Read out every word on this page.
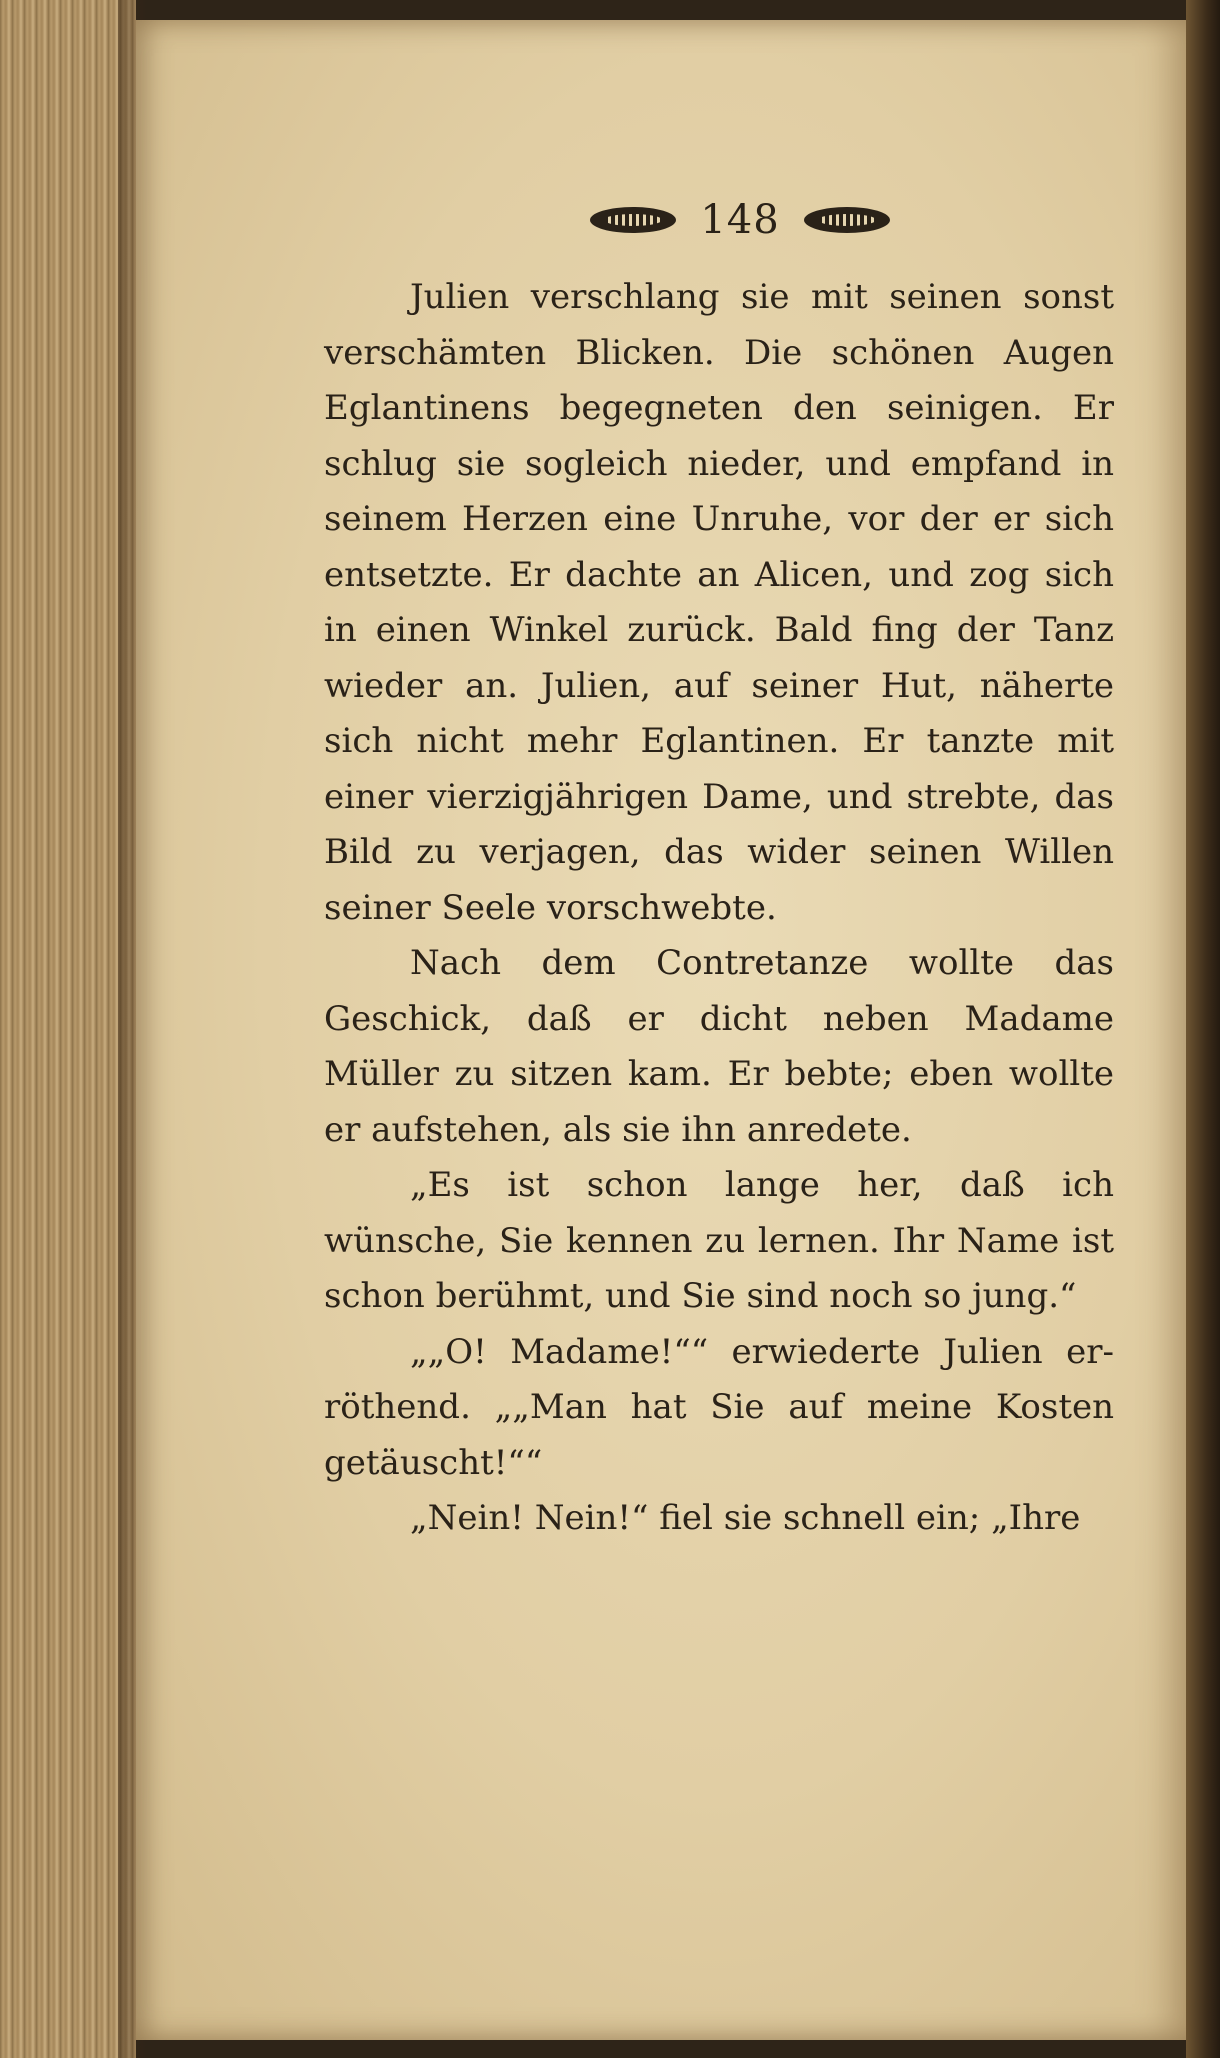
148

Julien verschlang sie mit seinen sonst verschämten Blicken. Die schönen Augen Eglantinens begegneten den seinigen. Er schlug sie sogleich nieder, und empfand in seinem Herzen eine Unruhe, vor der er sich entsetzte. Er dachte an Alicen, und zog sich in einen Winkel zurück. Bald fing der Tanz wieder an. Julien, auf seiner Hut, näherte sich nicht mehr Eglantinen. Er tanzte mit einer vierzigjährigen Dame, und strebte, das Bild zu verjagen, das wider seinen Willen seiner Seele vorschwebte.

Nach dem Contretanze wollte das Geschick, daß er dicht neben Madame Müller zu sitzen kam. Er bebte; eben wollte er aufstehen, als sie ihn anredete.

„Es ist schon lange her, daß ich wünsche, Sie kennen zu lernen. Ihr Name ist schon berühmt, und Sie sind noch so jung.“

„„O! Madame!““ erwiederte Julien erröthend. „„Man hat Sie auf meine Kosten getäuscht!““

„Nein! Nein!“ fiel sie schnell ein; „Ihre
